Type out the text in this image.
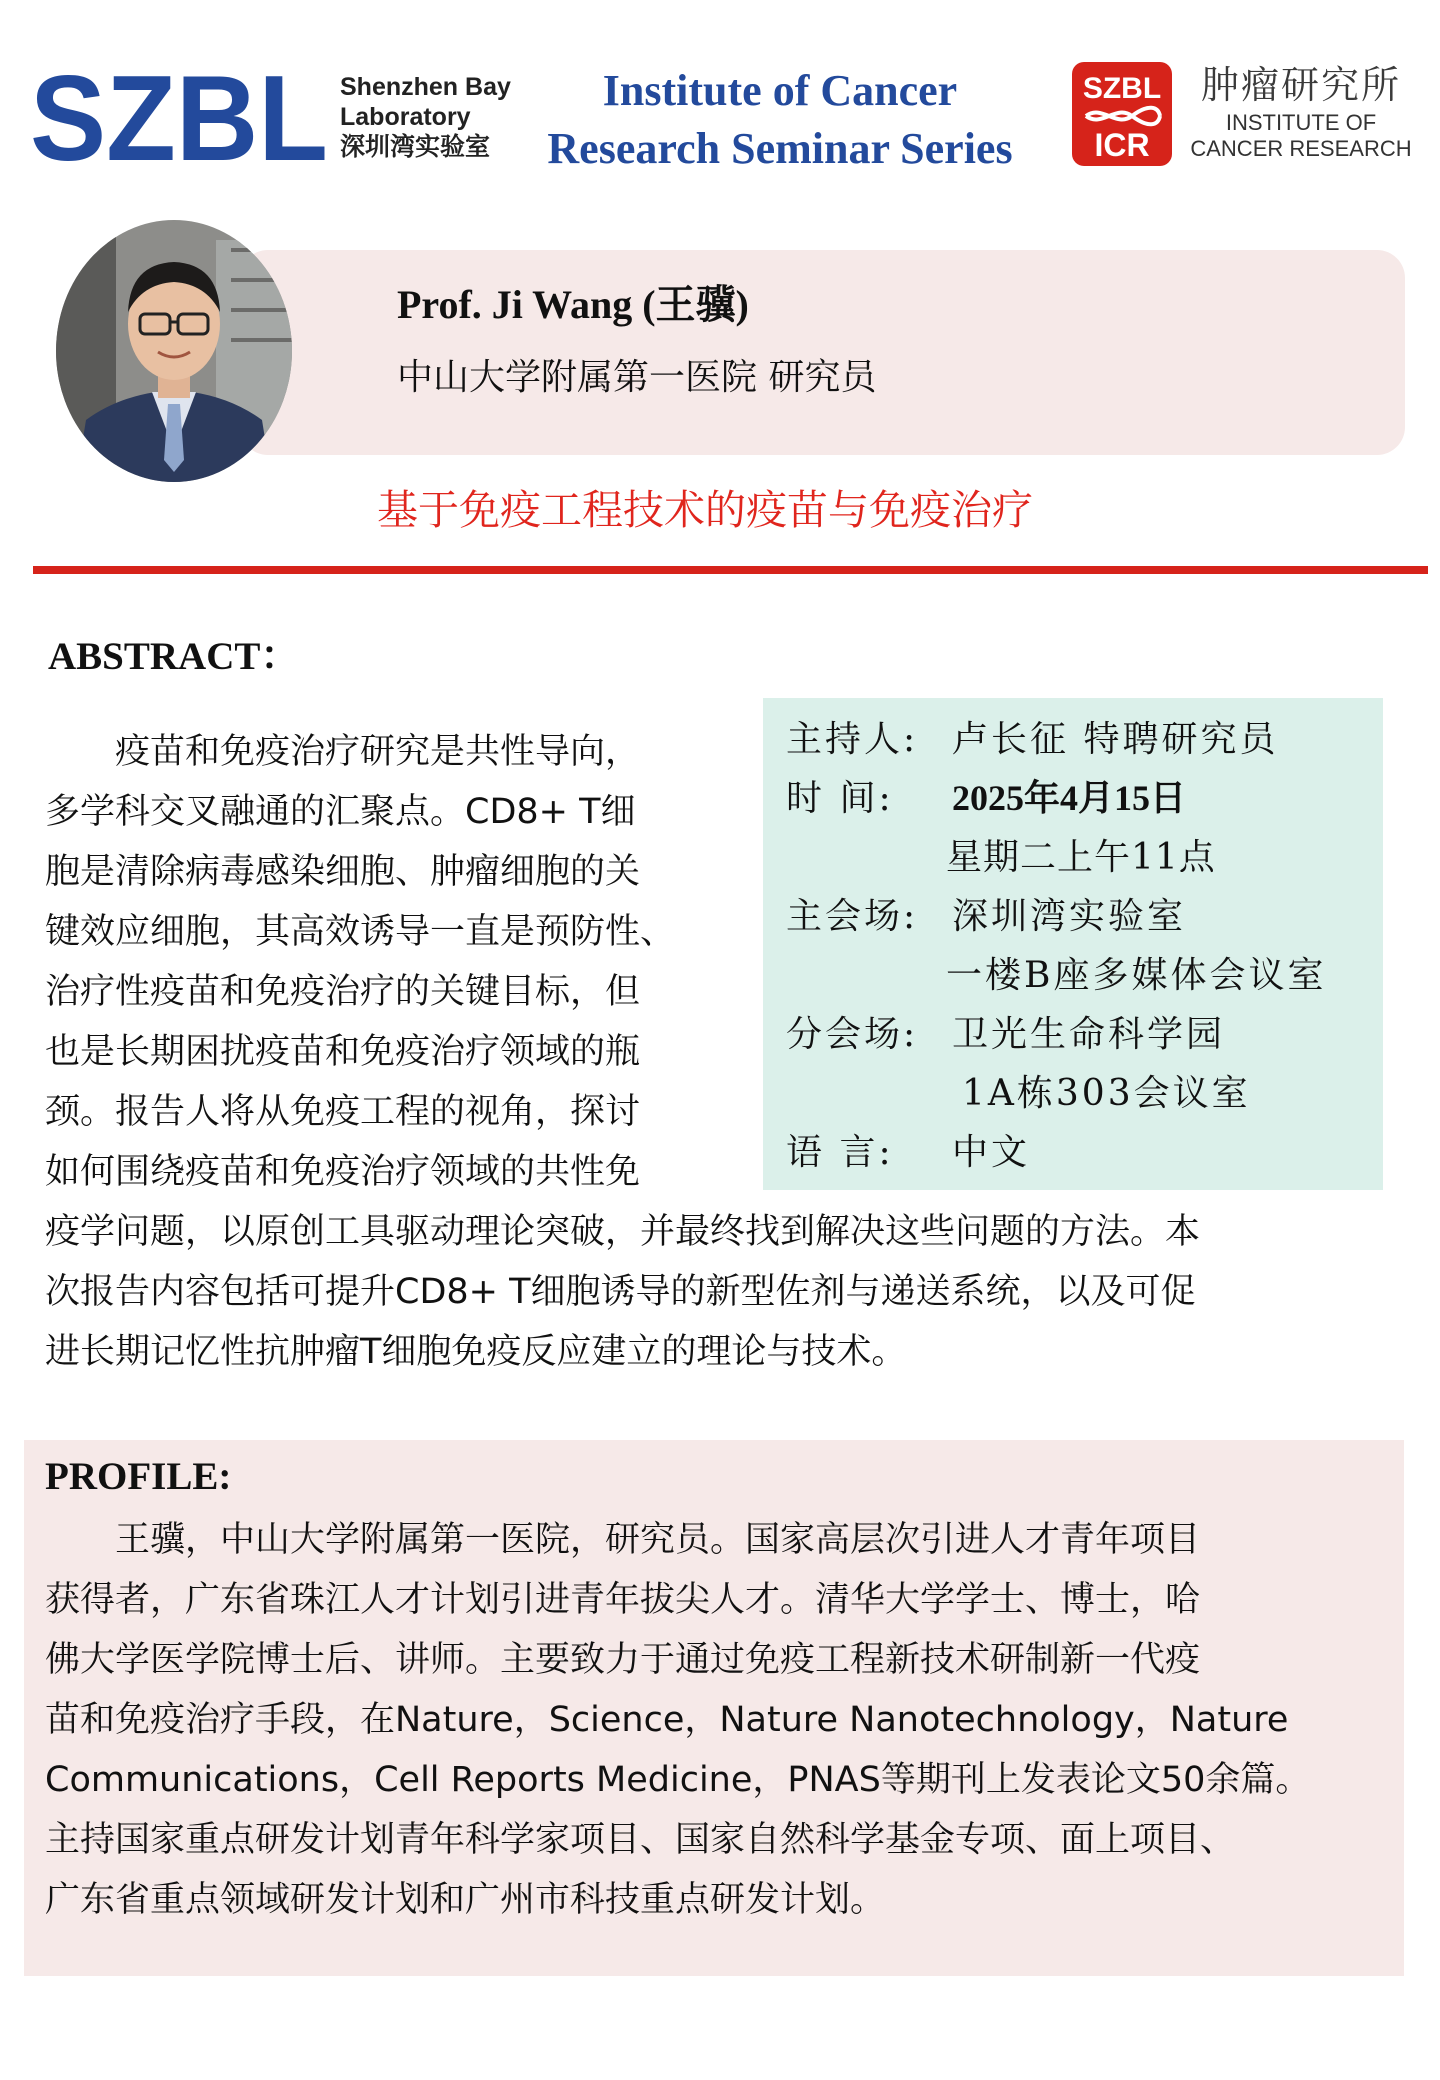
SZBL Shenzhen Bay
Laboratory
深圳湾实验室
Institute of Cancer
Research Seminar Series
SZBL
ICR
肿瘤研究所
INSTITUTE OF
CANCER RESEARCH
Prof. Ji Wang (王骥)
中山大学附属第一医院 研究员
基于免疫工程技术的疫苗与免疫治疗
ABSTRACT：
主持人: 卢长征 特聘研究员
时 间: 2025年4月15日
星期二上午11点
主会场: 深圳湾实验室
一楼B座多媒体会议室
分会场: 卫光生命科学园
1A栋303会议室
语 言: 中文
　　疫苗和免疫治疗研究是共性导向，
多学科交叉融通的汇聚点。CD8+ T细
胞是清除病毒感染细胞、肿瘤细胞的关
键效应细胞，其高效诱导一直是预防性、
治疗性疫苗和免疫治疗的关键目标，但
也是长期困扰疫苗和免疫治疗领域的瓶
颈。报告人将从免疫工程的视角，探讨
如何围绕疫苗和免疫治疗领域的共性免
疫学问题，以原创工具驱动理论突破，并最终找到解决这些问题的方法。本
次报告内容包括可提升CD8+ T细胞诱导的新型佐剂与递送系统，以及可促
进长期记忆性抗肿瘤T细胞免疫反应建立的理论与技术。
PROFILE:
　　王骥，中山大学附属第一医院，研究员。国家高层次引进人才青年项目
获得者，广东省珠江人才计划引进青年拔尖人才。清华大学学士、博士，哈
佛大学医学院博士后、讲师。主要致力于通过免疫工程新技术研制新一代疫
苗和免疫治疗手段，在Nature，Science，Nature Nanotechnology，Nature
Communications，Cell Reports Medicine，PNAS等期刊上发表论文50余篇。
主持国家重点研发计划青年科学家项目、国家自然科学基金专项、面上项目、
广东省重点领域研发计划和广州市科技重点研发计划。
